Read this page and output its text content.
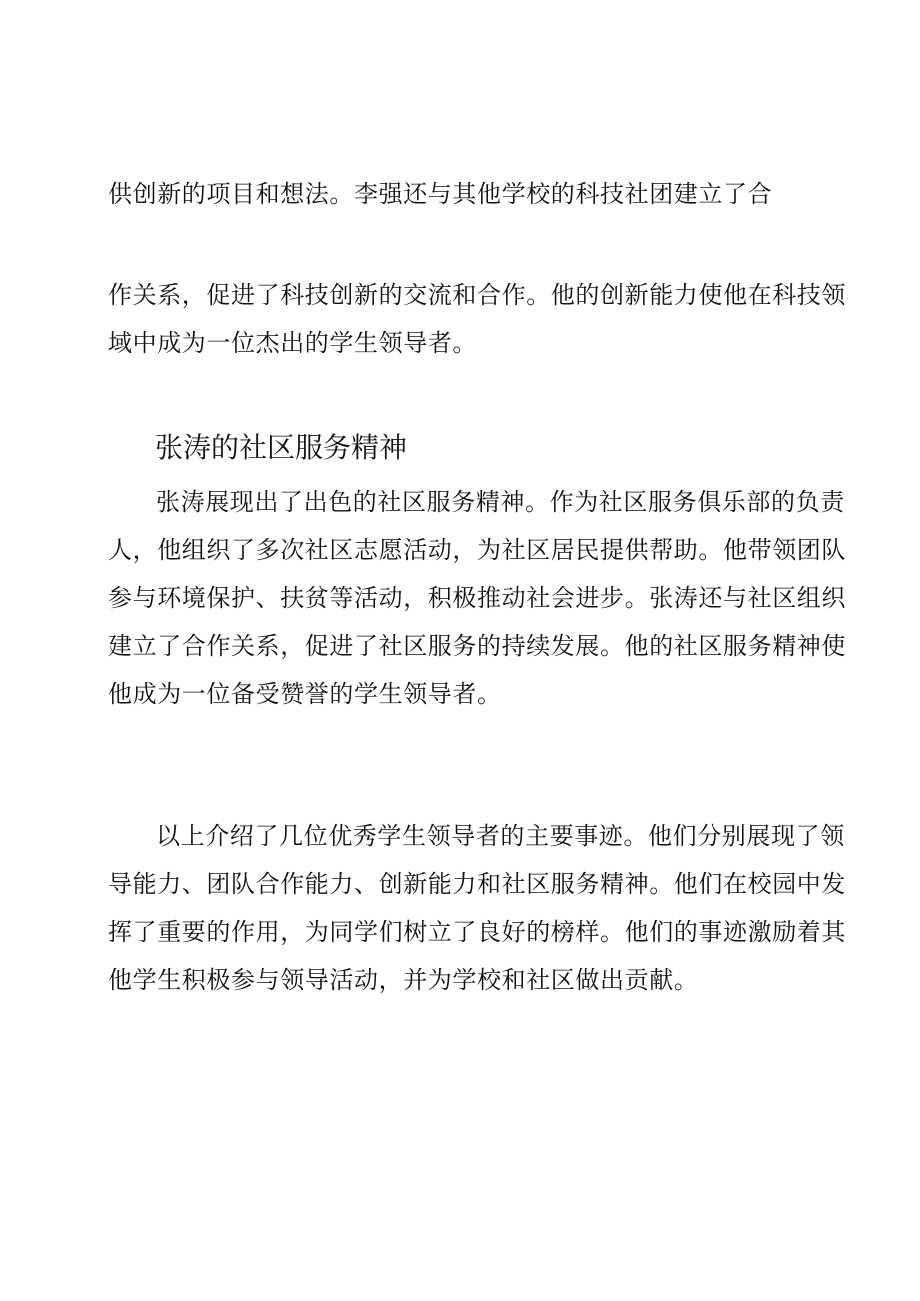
供创新的项目和想法。李强还与其他学校的科技社团建立了合
作关系，促进了科技创新的交流和合作。他的创新能力使他在科技领
域中成为一位杰出的学生领导者。
张涛的社区服务精神
张涛展现出了出色的社区服务精神。作为社区服务俱乐部的负责
人，他组织了多次社区志愿活动，为社区居民提供帮助。他带领团队
参与环境保护、扶贫等活动，积极推动社会进步。张涛还与社区组织
建立了合作关系，促进了社区服务的持续发展。他的社区服务精神使
他成为一位备受赞誉的学生领导者。
以上介绍了几位优秀学生领导者的主要事迹。他们分别展现了领
导能力、团队合作能力、创新能力和社区服务精神。他们在校园中发
挥了重要的作用，为同学们树立了良好的榜样。他们的事迹激励着其
他学生积极参与领导活动，并为学校和社区做出贡献。
